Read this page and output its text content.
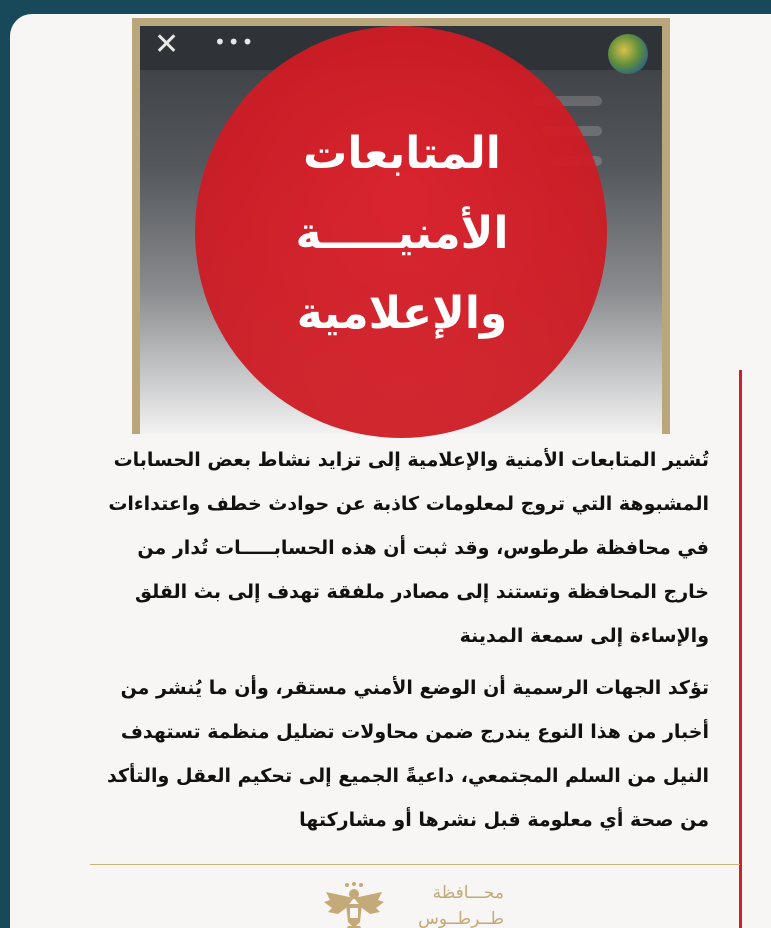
✕ •••
المتابعات
الأمنيـــــة
والإعلامية

تُشير المتابعات الأمنية والإعلامية إلى تزايد نشاط بعض الحسابات
المشبوهة التي تروج لمعلومات كاذبة عن حوادث خطف واعتداءات
في محافظة طرطوس، وقد ثبت أن هذه الحسابـــــات تُدار من
خارج المحافظة وتستند إلى مصادر ملفقة تهدف إلى بث القلق
والإساءة إلى سمعة المدينة

تؤكد الجهات الرسمية أن الوضع الأمني مستقر، وأن ما يُنشر من
أخبار من هذا النوع يندرج ضمن محاولات تضليل منظمة تستهدف
النيل من السلم المجتمعي، داعيةً الجميع إلى تحكيم العقل والتأكد
من صحة أي معلومة قبل نشرها أو مشاركتها

محـــافظة
طــرطــوس
